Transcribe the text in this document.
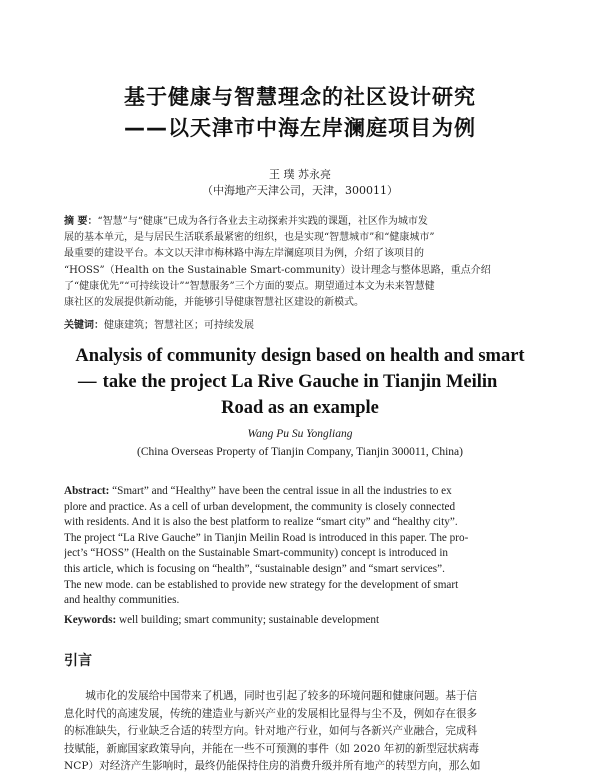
基于健康与智慧理念的社区设计研究
——以天津市中海左岸澜庭项目为例
王 璞 苏永亮
（中海地产天津公司，天津，300011）
摘 要：“智慧”与“健康”已成为各行各业去主动探索并实践的课题，社区作为城市发
展的基本单元，是与居民生活联系最紧密的纽织，也是实现“智慧城市”和“健康城市”
最重要的建设平台。本文以天津市梅林路中海左岸澜庭项目为例，介绍了该项目的
“HOSS”（Health on the Sustainable Smart-community）设计理念与整体思路，重点介绍
了“健康优先”“可持续设计”“智慧服务”三个方面的要点。期望通过本文为未来智慧健
康社区的发展提供新动能，并能够引导健康智慧社区建设的新模式。
关键词：健康建筑；智慧社区；可持续发展
Analysis of community design based on health and smart
— take the project La Rive Gauche in Tianjin Meilin
Road as an example
Wang Pu Su Yongliang
(China Overseas Property of Tianjin Company, Tianjin 300011, China)
Abstract: “Smart” and “Healthy” have been the central issue in all the industries to ex
plore and practice. As a cell of urban development, the community is closely connected
with residents. And it is also the best platform to realize “smart city” and “healthy city”.
The project “La Rive Gauche” in Tianjin Meilin Road is introduced in this paper. The pro-
ject’s “HOSS” (Health on the Sustainable Smart-community) concept is introduced in
this article, which is focusing on “health”, “sustainable design” and “smart services”.
The new mode. can be established to provide new strategy for the development of smart
and healthy communities.
Keywords: well building; smart community; sustainable development
引言
城市化的发展给中国带来了机遇，同时也引起了较多的环境问题和健康问题。基于信
息化时代的高速发展，传统的建造业与新兴产业的发展相比显得与尘不及，例如存在很多
的标准缺失，行业缺乏合适的转型方向。针对地产行业，如何与各新兴产业融合，完成科
技赋能，新廊国家政策导向，并能在一些不可预测的事件（如 2020 年初的新型冠状病毒
NCP）对经济产生影响时，最终仍能保持住房的消费升级并所有地产的转型方向，那么如
